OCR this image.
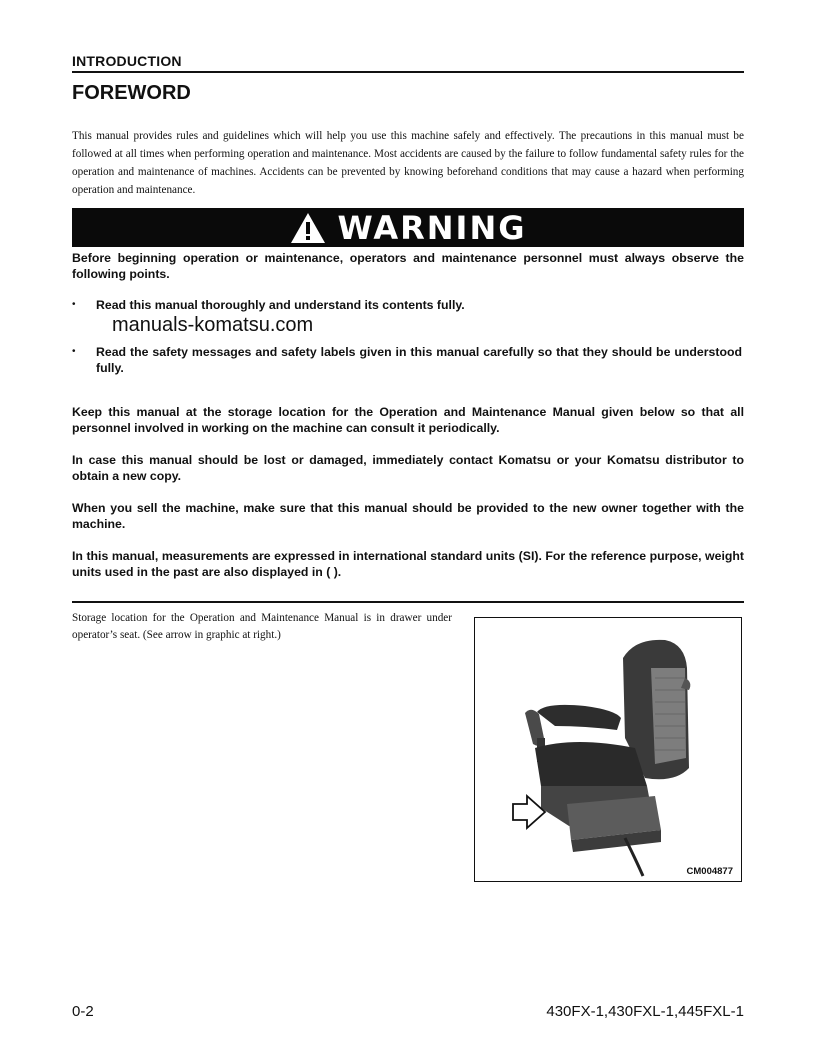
INTRODUCTION
FOREWORD
This manual provides rules and guidelines which will help you use this machine safely and effectively. The precautions in this manual must be followed at all times when performing operation and maintenance. Most accidents are caused by the failure to follow fundamental safety rules for the operation and maintenance of machines. Accidents can be prevented by knowing beforehand conditions that may cause a hazard when performing operation and maintenance.
WARNING
Before beginning operation or maintenance, operators and maintenance personnel must always observe the following points.
• Read this manual thoroughly and understand its contents fully.
manuals-komatsu.com
• Read the safety messages and safety labels given in this manual carefully so that they should be understood fully.
Keep this manual at the storage location for the Operation and Maintenance Manual given below so that all personnel involved in working on the machine can consult it periodically.
In case this manual should be lost or damaged, immediately contact Komatsu or your Komatsu distributor to obtain a new copy.
When you sell the machine, make sure that this manual should be provided to the new owner together with the machine.
In this manual, measurements are expressed in international standard units (SI). For the reference purpose, weight units used in the past are also displayed in ( ).
Storage location for the Operation and Maintenance Manual is in drawer under operator’s seat. (See arrow in graphic at right.)
CM004877
0-2	430FX-1,430FXL-1,445FXL-1
